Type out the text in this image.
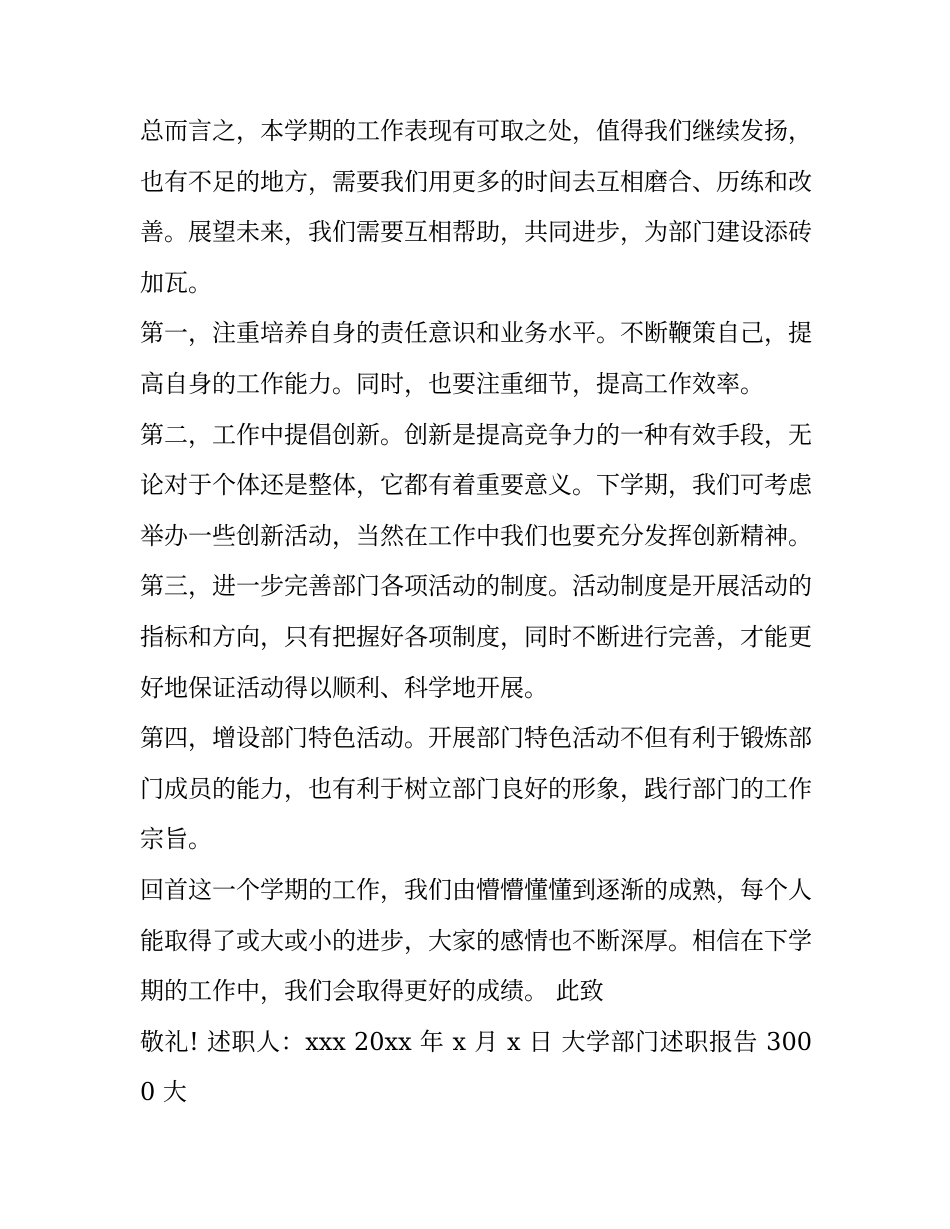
总而言之，本学期的工作表现有可取之处，值得我们继续发扬，也有不足的地方，需要我们用更多的时间去互相磨合、历练和改善。展望未来，我们需要互相帮助，共同进步，为部门建设添砖加瓦。

第一，注重培养自身的责任意识和业务水平。不断鞭策自己，提高自身的工作能力。同时，也要注重细节，提高工作效率。

第二，工作中提倡创新。创新是提高竞争力的一种有效手段，无论对于个体还是整体，它都有着重要意义。下学期，我们可考虑举办一些创新活动，当然在工作中我们也要充分发挥创新精神。

第三，进一步完善部门各项活动的制度。活动制度是开展活动的指标和方向，只有把握好各项制度，同时不断进行完善，才能更好地保证活动得以顺利、科学地开展。

第四，增设部门特色活动。开展部门特色活动不但有利于锻炼部门成员的能力，也有利于树立部门良好的形象，践行部门的工作宗旨。

回首这一个学期的工作，我们由懵懵懂懂到逐渐的成熟，每个人能取得了或大或小的进步，大家的感情也不断深厚。相信在下学期的工作中，我们会取得更好的成绩。 此致

敬礼! 述职人：xxx 20xx 年 x 月 x 日 大学部门述职报告 3000 大
